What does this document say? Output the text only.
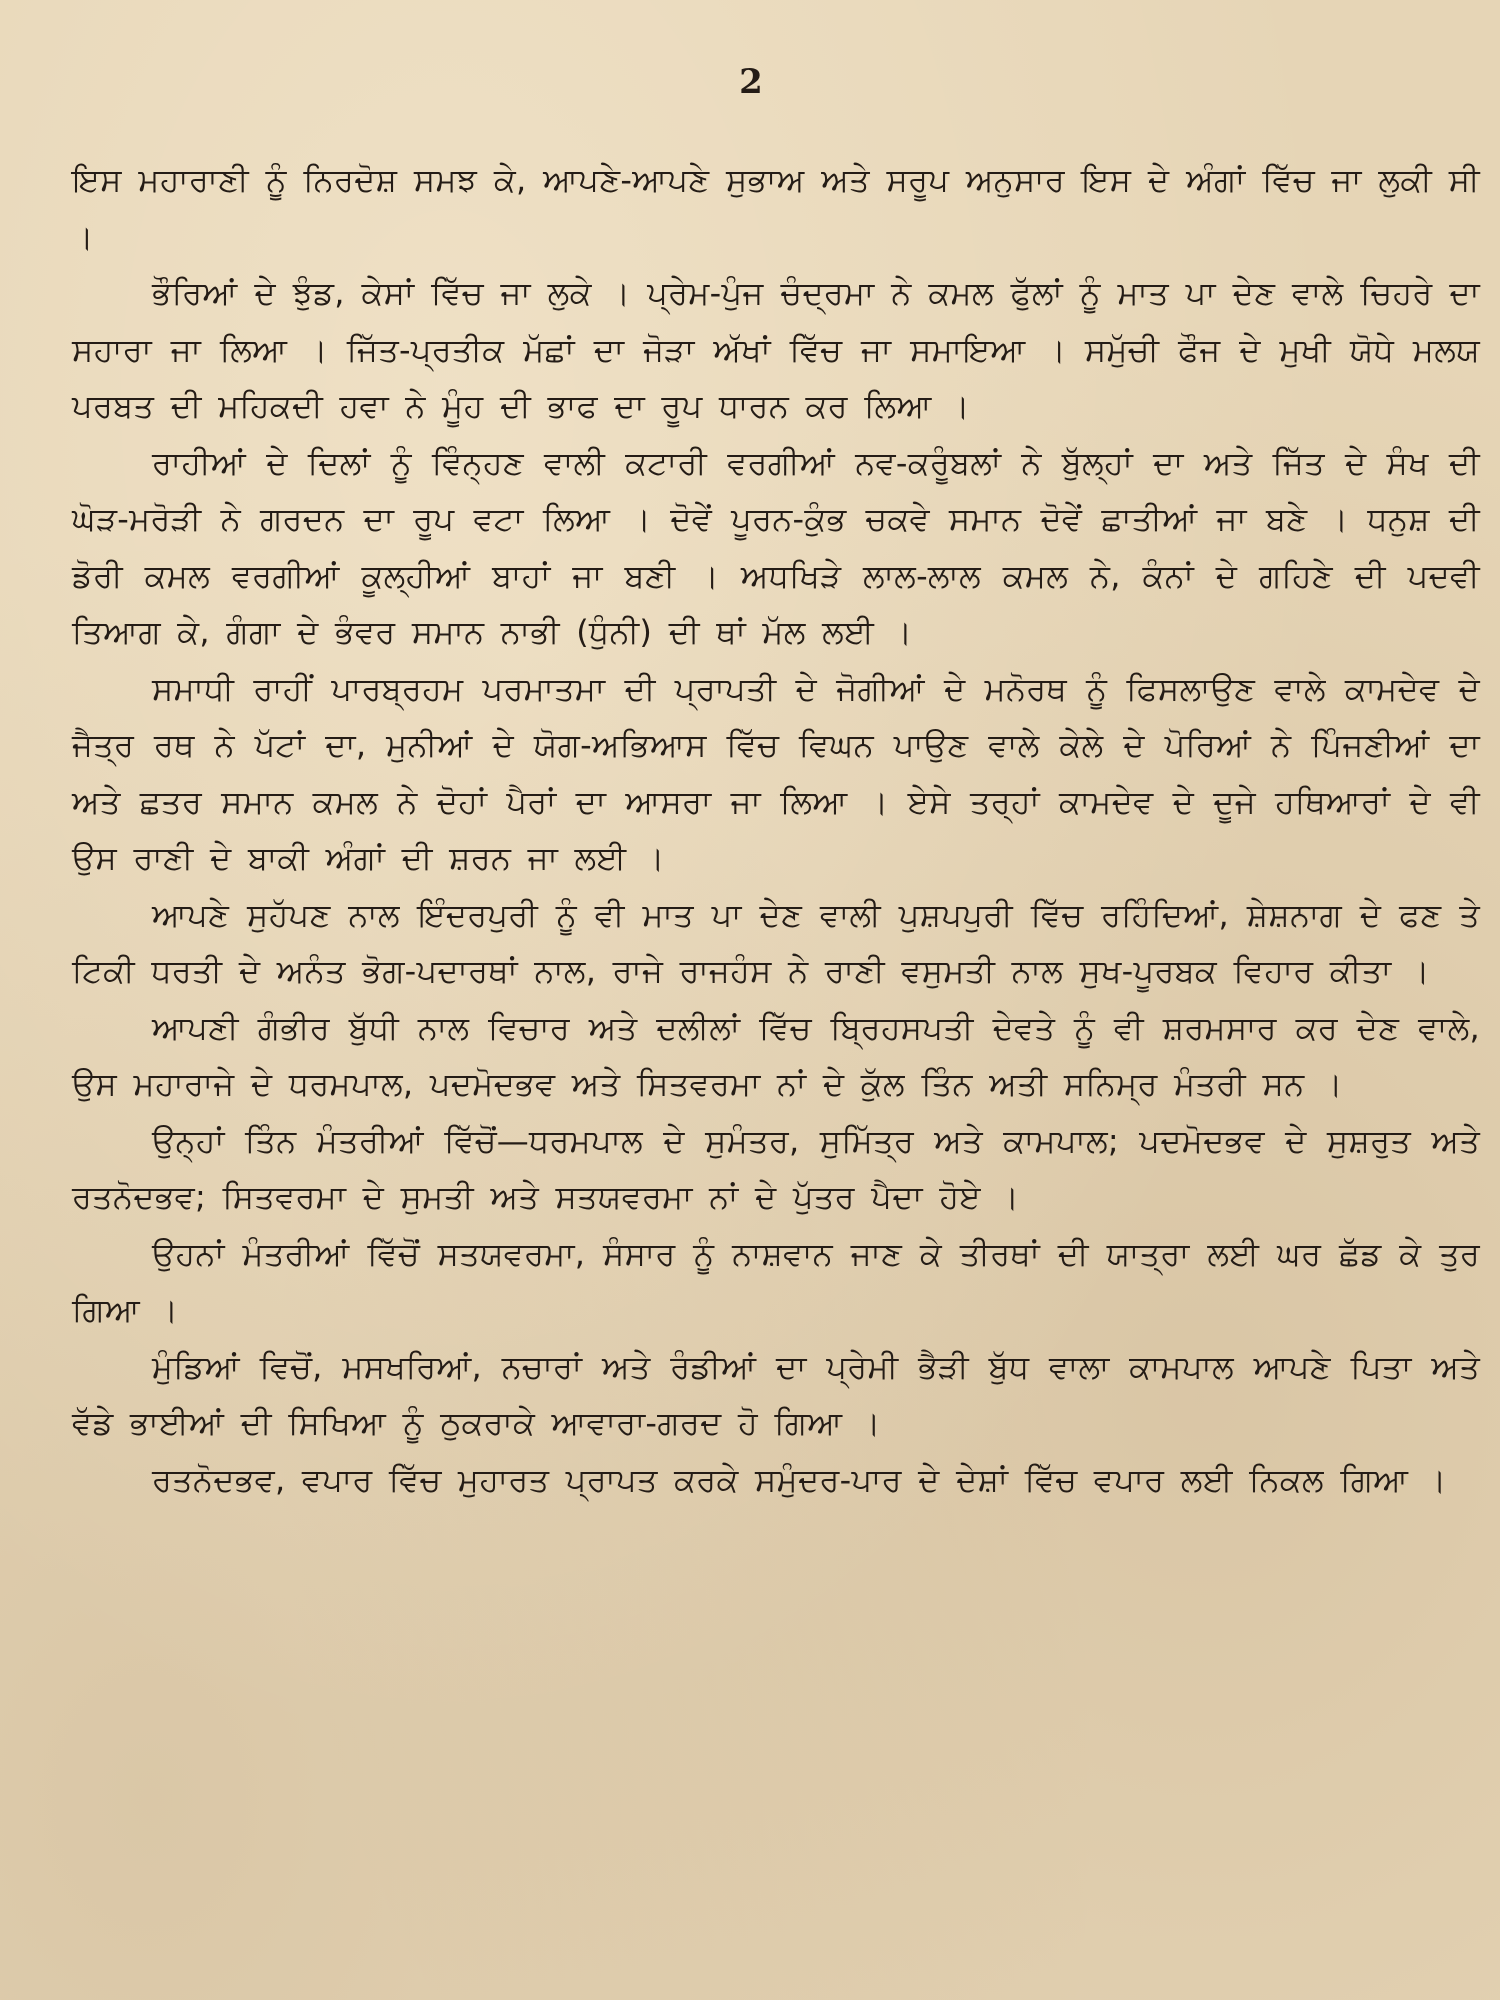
2

ਇਸ ਮਹਾਰਾਣੀ ਨੂੰ ਨਿਰਦੋਸ਼ ਸਮਝ ਕੇ, ਆਪਣੇ-ਆਪਣੇ ਸੁਭਾਅ ਅਤੇ ਸਰੂਪ ਅਨੁਸਾਰ ਇਸ ਦੇ ਅੰਗਾਂ ਵਿੱਚ ਜਾ ਲੁਕੀ ਸੀ ।

ਭੌਰਿਆਂ ਦੇ ਝੁੰਡ, ਕੇਸਾਂ ਵਿੱਚ ਜਾ ਲੁਕੇ । ਪ੍ਰੇਮ-ਪੁੰਜ ਚੰਦ੍ਰਮਾ ਨੇ ਕਮਲ ਫੁੱਲਾਂ ਨੂੰ ਮਾਤ ਪਾ ਦੇਣ ਵਾਲੇ ਚਿਹਰੇ ਦਾ ਸਹਾਰਾ ਜਾ ਲਿਆ । ਜਿੱਤ-ਪ੍ਰਤੀਕ ਮੱਛਾਂ ਦਾ ਜੋੜਾ ਅੱਖਾਂ ਵਿੱਚ ਜਾ ਸਮਾਇਆ । ਸਮੁੱਚੀ ਫੌਜ ਦੇ ਮੁਖੀ ਯੋਧੇ ਮਲਯ ਪਰਬਤ ਦੀ ਮਹਿਕਦੀ ਹਵਾ ਨੇ ਮੂੰਹ ਦੀ ਭਾਫ ਦਾ ਰੂਪ ਧਾਰਨ ਕਰ ਲਿਆ ।

ਰਾਹੀਆਂ ਦੇ ਦਿਲਾਂ ਨੂੰ ਵਿੰਨ੍ਹਣ ਵਾਲੀ ਕਟਾਰੀ ਵਰਗੀਆਂ ਨਵ-ਕਰੂੰਬਲਾਂ ਨੇ ਬੁੱਲ੍ਹਾਂ ਦਾ ਅਤੇ ਜਿੱਤ ਦੇ ਸੰਖ ਦੀ ਘੋੜ-ਮਰੋੜੀ ਨੇ ਗਰਦਨ ਦਾ ਰੂਪ ਵਟਾ ਲਿਆ । ਦੋਵੇਂ ਪੂਰਨ-ਕੁੰਭ ਚਕਵੇ ਸਮਾਨ ਦੋਵੇਂ ਛਾਤੀਆਂ ਜਾ ਬਣੇ । ਧਨੁਸ਼ ਦੀ ਡੋਰੀ ਕਮਲ ਵਰਗੀਆਂ ਕੂਲ੍ਹੀਆਂ ਬਾਹਾਂ ਜਾ ਬਣੀ । ਅਧਖਿੜੇ ਲਾਲ-ਲਾਲ ਕਮਲ ਨੇ, ਕੰਨਾਂ ਦੇ ਗਹਿਣੇ ਦੀ ਪਦਵੀ ਤਿਆਗ ਕੇ, ਗੰਗਾ ਦੇ ਭੰਵਰ ਸਮਾਨ ਨਾਭੀ (ਧੁੰਨੀ) ਦੀ ਥਾਂ ਮੱਲ ਲਈ ।

ਸਮਾਧੀ ਰਾਹੀਂ ਪਾਰਬ੍ਰਹਮ ਪਰਮਾਤਮਾ ਦੀ ਪ੍ਰਾਪਤੀ ਦੇ ਜੋਗੀਆਂ ਦੇ ਮਨੋਰਥ ਨੂੰ ਫਿਸਲਾਉਣ ਵਾਲੇ ਕਾਮਦੇਵ ਦੇ ਜੈਤ੍ਰ ਰਥ ਨੇ ਪੱਟਾਂ ਦਾ, ਮੁਨੀਆਂ ਦੇ ਯੋਗ-ਅਭਿਆਸ ਵਿੱਚ ਵਿਘਨ ਪਾਉਣ ਵਾਲੇ ਕੇਲੇ ਦੇ ਪੋਰਿਆਂ ਨੇ ਪਿੰਜਣੀਆਂ ਦਾ ਅਤੇ ਛਤਰ ਸਮਾਨ ਕਮਲ ਨੇ ਦੋਹਾਂ ਪੈਰਾਂ ਦਾ ਆਸਰਾ ਜਾ ਲਿਆ । ਏਸੇ ਤਰ੍ਹਾਂ ਕਾਮਦੇਵ ਦੇ ਦੂਜੇ ਹਥਿਆਰਾਂ ਦੇ ਵੀ ਉਸ ਰਾਣੀ ਦੇ ਬਾਕੀ ਅੰਗਾਂ ਦੀ ਸ਼ਰਨ ਜਾ ਲਈ ।

ਆਪਣੇ ਸੁਹੱਪਣ ਨਾਲ ਇੰਦਰਪੁਰੀ ਨੂੰ ਵੀ ਮਾਤ ਪਾ ਦੇਣ ਵਾਲੀ ਪੁਸ਼ਪਪੁਰੀ ਵਿੱਚ ਰਹਿੰਦਿਆਂ, ਸ਼ੇਸ਼ਨਾਗ ਦੇ ਫਣ ਤੇ ਟਿਕੀ ਧਰਤੀ ਦੇ ਅਨੰਤ ਭੋਗ-ਪਦਾਰਥਾਂ ਨਾਲ, ਰਾਜੇ ਰਾਜਹੰਸ ਨੇ ਰਾਣੀ ਵਸੁਮਤੀ ਨਾਲ ਸੁਖ-ਪੂਰਬਕ ਵਿਹਾਰ ਕੀਤਾ ।

ਆਪਣੀ ਗੰਭੀਰ ਬੁੱਧੀ ਨਾਲ ਵਿਚਾਰ ਅਤੇ ਦਲੀਲਾਂ ਵਿੱਚ ਬ੍ਰਿਹਸਪਤੀ ਦੇਵਤੇ ਨੂੰ ਵੀ ਸ਼ਰਮਸਾਰ ਕਰ ਦੇਣ ਵਾਲੇ, ਉਸ ਮਹਾਰਾਜੇ ਦੇ ਧਰਮਪਾਲ, ਪਦਮੋਦਭਵ ਅਤੇ ਸਿਤਵਰਮਾ ਨਾਂ ਦੇ ਕੁੱਲ ਤਿੰਨ ਅਤੀ ਸਨਿਮ੍ਰ ਮੰਤਰੀ ਸਨ ।

ਉਨ੍ਹਾਂ ਤਿੰਨ ਮੰਤਰੀਆਂ ਵਿੱਚੋਂ—ਧਰਮਪਾਲ ਦੇ ਸੁਮੰਤਰ, ਸੁਮਿੱਤ੍ਰ ਅਤੇ ਕਾਮਪਾਲ; ਪਦਮੋਦਭਵ ਦੇ ਸੁਸ਼ਰੁਤ ਅਤੇ ਰਤਨੋਦਭਵ; ਸਿਤਵਰਮਾ ਦੇ ਸੁਮਤੀ ਅਤੇ ਸਤਯਵਰਮਾ ਨਾਂ ਦੇ ਪੁੱਤਰ ਪੈਦਾ ਹੋਏ ।

ਉਹਨਾਂ ਮੰਤਰੀਆਂ ਵਿੱਚੋਂ ਸਤਯਵਰਮਾ, ਸੰਸਾਰ ਨੂੰ ਨਾਸ਼ਵਾਨ ਜਾਣ ਕੇ ਤੀਰਥਾਂ ਦੀ ਯਾਤ੍ਰਾ ਲਈ ਘਰ ਛੱਡ ਕੇ ਤੁਰ ਗਿਆ ।

ਮੁੰਡਿਆਂ ਵਿਚੋਂ, ਮਸਖਰਿਆਂ, ਨਚਾਰਾਂ ਅਤੇ ਰੰਡੀਆਂ ਦਾ ਪ੍ਰੇਮੀ ਭੈੜੀ ਬੁੱਧ ਵਾਲਾ ਕਾਮਪਾਲ ਆਪਣੇ ਪਿਤਾ ਅਤੇ ਵੱਡੇ ਭਾਈਆਂ ਦੀ ਸਿਖਿਆ ਨੂੰ ਠੁਕਰਾਕੇ ਆਵਾਰਾ-ਗਰਦ ਹੋ ਗਿਆ ।

ਰਤਨੋਦਭਵ, ਵਪਾਰ ਵਿੱਚ ਮੁਹਾਰਤ ਪ੍ਰਾਪਤ ਕਰਕੇ ਸਮੁੰਦਰ-ਪਾਰ ਦੇ ਦੇਸ਼ਾਂ ਵਿੱਚ ਵਪਾਰ ਲਈ ਨਿਕਲ ਗਿਆ ।
